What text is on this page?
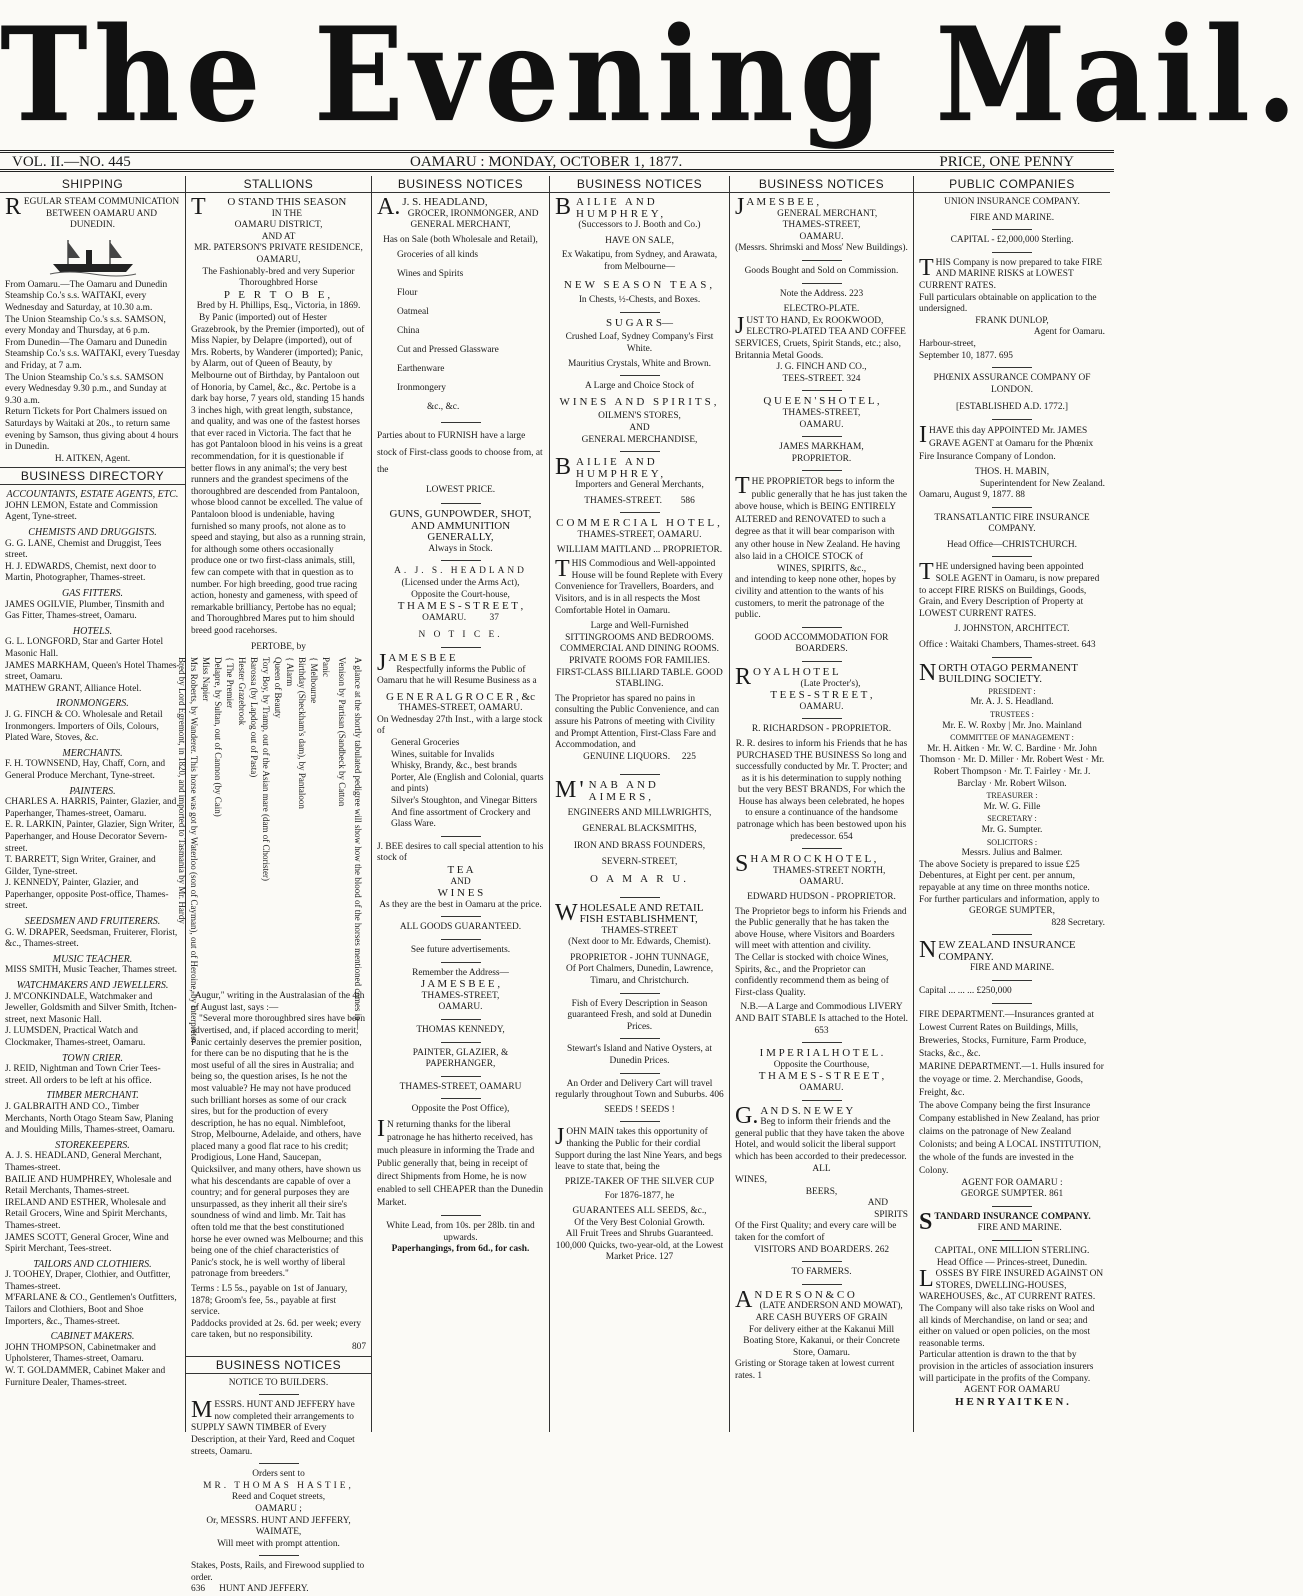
The Evening Mail.
VOL. II.—NO. 445	OAMARU : MONDAY, OCTOBER 1, 1877.	PRICE, ONE PENNY
SHIPPING

REGULAR STEAM COMMUNICATION BETWEEN OAMARU AND DUNEDIN.

From Oamaru.—The Oamaru and Dunedin Steamship Co.'s s.s. WAITAKI, every Wednesday and Saturday, at 10.30 a.m.

The Union Steamship Co.'s s.s. SAMSON, every Monday and Thursday, at 6 p.m.

From Dunedin—The Oamaru and Dunedin Steamship Co.'s s.s. WAITAKI, every Tuesday and Friday, at 7 a.m.

The Union Steamship Co.'s s.s. SAMSON every Wednesday 9.30 p.m., and Sunday at 9.30 a.m.

Return Tickets for Port Chalmers issued on Saturdays by Waitaki at 20s., to return same evening by Samson, thus giving about 4 hours in Dunedin.

H. AITKEN, Agent.

BUSINESS DIRECTORY

ACCOUNTANTS, ESTATE AGENTS, ETC.

JOHN LEMON, Estate and Commission Agent, Tyne-street.

CHEMISTS AND DRUGGISTS.

G. G. LANE, Chemist and Druggist, Tees street.

H. J. EDWARDS, Chemist, next door to Martin, Photographer, Thames-street.

GAS FITTERS.

JAMES OGILVIE, Plumber, Tinsmith and Gas Fitter, Thames-street, Oamaru.

HOTELS.

G. L. LONGFORD, Star and Garter Hotel Masonic Hall.

JAMES MARKHAM, Queen's Hotel Thames-street, Oamaru.

MATHEW GRANT, Alliance Hotel.

IRONMONGERS.

J. G. FINCH & CO. Wholesale and Retail Ironmongers. Importers of Oils, Colours, Plated Ware, Stoves, &c.

MERCHANTS.

F. H. TOWNSEND, Hay, Chaff, Corn, and General Produce Merchant, Tyne-street.

PAINTERS.

CHARLES A. HARRIS, Painter, Glazier, and Paperhanger, Thames-street, Oamaru.

E. R. LARKIN, Painter, Glazier, Sign Writer, Paperhanger, and House Decorator Severn-street.

T. BARRETT, Sign Writer, Grainer, and Gilder, Tyne-street.

J. KENNEDY, Painter, Glazier, and Paperhanger, opposite Post-office, Thames-street.

SEEDSMEN AND FRUITERERS.

G. W. DRAPER, Seedsman, Fruiterer, Florist, &c., Thames-street.

MUSIC TEACHER.

MISS SMITH, Music Teacher, Thames street.

WATCHMAKERS AND JEWELLERS.

J. M'CONKINDALE, Watchmaker and Jeweller, Goldsmith and Silver Smith, Itchen-street, next Masonic Hall.

J. LUMSDEN, Practical Watch and Clockmaker, Thames-street, Oamaru.

TOWN CRIER.

J. REID, Nightman and Town Crier Tees-street. All orders to be left at his office.

TIMBER MERCHANT.

J. GALBRAITH AND CO., Timber Merchants, North Otago Steam Saw, Planing and Moulding Mills, Thames-street, Oamaru.

STOREKEEPERS.

A. J. S. HEADLAND, General Merchant, Thames-street.

BAILIE AND HUMPHREY, Wholesale and Retail Merchants, Thames-street.

IRELAND AND ESTHER, Wholesale and Retail Grocers, Wine and Spirit Merchants, Thames-street.

JAMES SCOTT, General Grocer, Wine and Spirit Merchant, Tees-street.

TAILORS AND CLOTHIERS.

J. TOOHEY, Draper, Clothier, and Outfitter, Thames-street.

M'FARLANE & CO., Gentlemen's Outfitters, Tailors and Clothiers, Boot and Shoe Importers, &c., Thames-street.

CABINET MAKERS.

JOHN THOMPSON, Cabinetmaker and Upholsterer, Thames-street, Oamaru.

W. T. GOLDAMMER, Cabinet Maker and Furniture Dealer, Thames-street.

STALLIONS

TO STAND THIS SEASON

IN THE

OAMARU DISTRICT,

AND AT

MR. PATERSON'S PRIVATE RESIDENCE, OAMARU,

The Fashionably-bred and very Superior Thoroughbred Horse

P E R T O B E,

Bred by H. Phillips, Esq., Victoria, in 1869.

By Panic (imported) out of Hester Grazebrook, by the Premier (imported), out of Miss Napier, by Delapre (imported), out of Mrs. Roberts, by Wanderer (imported); Panic, by Alarm, out of Queen of Beauty, by Melbourne out of Birthday, by Pantaloon out of Honoria, by Camel, &c., &c. Pertobe is a dark bay horse, 7 years old, standing 15 hands 3 inches high, with great length, substance, and quality, and was one of the fastest horses that ever raced in Victoria. The fact that he has got Pantaloon blood in his veins is a great recommendation, for it is questionable if better flows in any animal's; the very best runners and the grandest specimens of the thoroughbred are descended from Pantaloon, whose blood cannot be excelled. The value of Pantaloon blood is undeniable, having furnished so many proofs, not alone as to speed and staying, but also as a running strain, for although some others occasionally produce one or two first-class animals, still, few can compete with that in question as to number. For high breeding, good true racing action, honesty and gameness, with speed of remarkable brilliancy, Pertobe has no equal; and Thoroughbred Mares put to him should breed good racehorses.

PERTOBE, by

A glance at the shortly tabulated pedigree will show how the blood of the horses mentioned comes in—
Venison by Partisan (Sandbeck by Catton
Panic
{ Melbourne
Birthday (Sheckham's dam), by Pantaloon
{ Alarm
Queen of Beauty
Tory Boy, by Tramp, out of the Asian mare (dam of Chorister)
Barossa (by Lapdog out of Pasta)
Hester Grazebrook
{ The Premier
Delapre, by Sultan, out of Cannon (by Cain)
Miss Napier
Mrs Roberts, by Wanderer. This horse was got by Waterloo (son of Cayman), out of Heroine, by Interpreter
Bred by Lord Egremont, in 1820, and imported to Tasmania by Mr. Hardy

"Augur," writing in the Australasian of the 4th of August last, says :—

"Several more thoroughbred sires have been advertised, and, if placed according to merit, Panic certainly deserves the premier position, for there can be no disputing that he is the most useful of all the sires in Australia; and being so, the question arises, Is he not the most valuable? He may not have produced such brilliant horses as some of our crack sires, but for the production of every description, he has no equal. Nimblefoot, Strop, Melbourne, Adelaide, and others, have placed many a good flat race to his credit; Prodigious, Lone Hand, Saucepan, Quicksilver, and many others, have shown us what his descendants are capable of over a country; and for general purposes they are unsurpassed, as they inherit all their sire's soundness of wind and limb. Mr. Tait has often told me that the best constitutioned horse he ever owned was Melbourne; and this being one of the chief characteristics of Panic's stock, he is well worthy of liberal patronage from breeders."

Terms : L5 5s., payable on 1st of January, 1878; Groom's fee, 5s., payable at first service.

Paddocks provided at 2s. 6d. per week; every care taken, but no responsibility.

807

BUSINESS NOTICES

NOTICE TO BUILDERS.

MESSRS. HUNT AND JEFFERY have now completed their arrangements to SUPPLY SAWN TIMBER of Every Description, at their Yard, Reed and Coquet streets, Oamaru.

Orders sent to

MR. THOMAS HASTIE,

Reed and Coquet streets,

OAMARU ;

Or, MESSRS. HUNT AND JEFFERY, WAIMATE,

Will meet with prompt attention.

Stakes, Posts, Rails, and Firewood supplied to order.

636 HUNT AND JEFFERY.

BUSINESS NOTICES

A.J. S. HEADLAND,

GROCER, IRONMONGER, AND

GENERAL MERCHANT,

Has on Sale (both Wholesale and Retail),

Groceries of all kinds

Wines and Spirits

Flour

Oatmeal

China

Cut and Pressed Glassware

Earthenware

Ironmongery

&c., &c.

Parties about to FURNISH have a large stock of First-class goods to choose from, at the

LOWEST PRICE.

GUNS, GUNPOWDER, SHOT, AND AMMUNITION GENERALLY,

Always in Stock.

A. J. S. HEADLAND

(Licensed under the Arms Act),

Opposite the Court-house,

T H A M E S - S T R E E T ,

OAMARU. 37

N O T I C E.

JA M E S B E E

Respectfully informs the Public of Oamaru that he will Resume Business as a

G E N E R A L G R O C E R , &c

THAMES-STREET, OAMARU.

On Wednesday 27th Inst., with a large stock of

General Groceries

Wines, suitable for Invalids

Whisky, Brandy, &c., best brands

Porter, Ale (English and Colonial, quarts and pints)

Silver's Stoughton, and Vinegar Bitters

And fine assortment of Crockery and Glass Ware.

J. BEE desires to call special attention to his stock of

T E A

AND

W I N E S

As they are the best in Oamaru at the price.

ALL GOODS GUARANTEED.

See future advertisements.

Remember the Address—

J A M E S B E E ,

THAMES-STREET,

OAMARU.

THOMAS KENNEDY,

PAINTER, GLAZIER, & PAPERHANGER,

THAMES-STREET, OAMARU

Opposite the Post Office),

IN returning thanks for the liberal patronage he has hitherto received, has much pleasure in informing the Trade and Public generally that, being in receipt of direct Shipments from Home, he is now enabled to sell CHEAPER than the Dunedin Market.

White Lead, from 10s. per 28lb. tin and upwards.

Paperhangings, from 6d., for cash.

BUSINESS NOTICES

BAILIE AND HUMPHREY,

(Successors to J. Booth and Co.)

HAVE ON SALE,

Ex Wakatipu, from Sydney, and Arawata, from Melbourne—

NEW SEASON TEAS,

In Chests, ½-Chests, and Boxes.

S U G A R S—

Crushed Loaf, Sydney Company's First White.

Mauritius Crystals, White and Brown.

A Large and Choice Stock of

WINES AND SPIRITS,

OILMEN'S STORES,

AND

GENERAL MERCHANDISE,

BAILIE AND HUMPHREY,

Importers and General Merchants,

THAMES-STREET. 586

COMMERCIAL HOTEL,

THAMES-STREET, OAMARU.

WILLIAM MAITLAND ... PROPRIETOR.

THIS Commodious and Well-appointed House will be found Replete with Every Convenience for Travellers, Boarders, and Visitors, and is in all respects the Most Comfortable Hotel in Oamaru.

Large and Well-Furnished SITTINGROOMS AND BEDROOMS. COMMERCIAL AND DINING ROOMS. PRIVATE ROOMS FOR FAMILIES. FIRST-CLASS BILLIARD TABLE. GOOD STABLING.

The Proprietor has spared no pains in consulting the Public Convenience, and can assure his Patrons of meeting with Civility and Prompt Attention, First-Class Fare and Accommodation, and

GENUINE LIQUORS. 225

M'NAB AND AIMERS,

ENGINEERS AND MILLWRIGHTS,

GENERAL BLACKSMITHS,

IRON AND BRASS FOUNDERS,

SEVERN-STREET,

O A M A R U.

WHOLESALE AND RETAIL FISH ESTABLISHMENT,

THAMES-STREET

(Next door to Mr. Edwards, Chemist).

PROPRIETOR - JOHN TUNNAGE,

Of Port Chalmers, Dunedin, Lawrence, Timaru, and Christchurch.

Fish of Every Description in Season guaranteed Fresh, and sold at Dunedin Prices.

Stewart's Island and Native Oysters, at Dunedin Prices.

An Order and Delivery Cart will travel regularly throughout Town and Suburbs. 406

SEEDS ! SEEDS !

JOHN MAIN takes this opportunity of thanking the Public for their cordial Support during the last Nine Years, and begs leave to state that, being the

PRIZE-TAKER OF THE SILVER CUP

For 1876-1877, he

GUARANTEES ALL SEEDS, &c.,

Of the Very Best Colonial Growth.

All Fruit Trees and Shrubs Guaranteed.

100,000 Quicks, two-year-old, at the Lowest Market Price. 127

BUSINESS NOTICES

JA M E S B E E ,

GENERAL MERCHANT,

THAMES-STREET,

OAMARU.

(Messrs. Shrimski and Moss' New Buildings).

Goods Bought and Sold on Commission.

Note the Address. 223

ELECTRO-PLATE.

JUST TO HAND, Ex ROOKWOOD, ELECTRO-PLATED TEA AND COFFEE SERVICES, Cruets, Spirit Stands, etc.; also, Britannia Metal Goods.

J. G. FINCH AND CO.,

TEES-STREET. 324

Q U E E N ' S H O T E L ,

THAMES-STREET,

OAMARU.

JAMES MARKHAM,

PROPRIETOR.

THE PROPRIETOR begs to inform the public generally that he has just taken the above house, which is BEING ENTIRELY ALTERED and RENOVATED to such a degree as that it will bear comparison with any other house in New Zealand. He having also laid in a CHOICE STOCK of

WINES, SPIRITS, &c.,

and intending to keep none other, hopes by civility and attention to the wants of his customers, to merit the patronage of the public.

GOOD ACCOMMODATION FOR BOARDERS.

RO Y A L H O T E L

(Late Procter's),

T E E S - S T R E E T ,

OAMARU.

R. RICHARDSON - PROPRIETOR.

R. R. desires to inform his Friends that he has PURCHASED THE BUSINESS So long and successfully conducted by Mr. T. Procter; and as it is his determination to supply nothing but the very BEST BRANDS, For which the House has always been celebrated, he hopes to ensure a continuance of the handsome patronage which has been bestowed upon his predecessor. 654

SH A M R O C K H O T E L ,

THAMES-STREET NORTH,

OAMARU.

EDWARD HUDSON - PROPRIETOR.

The Proprietor begs to inform his Friends and the Public generally that he has taken the above House, where Visitors and Boarders will meet with attention and civility.

The Cellar is stocked with choice Wines, Spirits, &c., and the Proprietor can confidently recommend them as being of First-class Quality.

N.B.—A Large and Commodious LIVERY AND BAIT STABLE Is attached to the Hotel. 653

I M P E R I A L H O T E L .

Opposite the Courthouse,

T H A M E S - S T R E E T ,

OAMARU.

G.A N D S. N E W E Y

Beg to inform their friends and the general public that they have taken the above Hotel, and would solicit the liberal support which has been accorded to their predecessor.

ALL

WINES,

BEERS,

AND

SPIRITS

Of the First Quality; and every care will be taken for the comfort of

VISITORS AND BOARDERS. 262

TO FARMERS.

AN D E R S O N & C O

(LATE ANDERSON AND MOWAT),

ARE CASH BUYERS OF GRAIN

For delivery either at the Kakanui Mill Boating Store, Kakanui, or their Concrete Store, Oamaru.

Gristing or Storage taken at lowest current rates. 1

PUBLIC COMPANIES

UNION INSURANCE COMPANY.

FIRE AND MARINE.

CAPITAL - £2,000,000 Sterling.

THIS Company is now prepared to take FIRE AND MARINE RISKS at LOWEST CURRENT RATES.

Full particulars obtainable on application to the undersigned.

FRANK DUNLOP,

Agent for Oamaru.

Harbour-street,

September 10, 1877. 695

PHŒNIX ASSURANCE COMPANY OF LONDON.

[ESTABLISHED A.D. 1772.]

IHAVE this day APPOINTED Mr. JAMES GRAVE AGENT at Oamaru for the Phœnix Fire Insurance Company of London.

THOS. H. MABIN,

Superintendent for New Zealand.

Oamaru, August 9, 1877. 88

TRANSATLANTIC FIRE INSURANCE COMPANY.

Head Office—CHRISTCHURCH.

THE undersigned having been appointed SOLE AGENT in Oamaru, is now prepared to accept FIRE RISKS on Buildings, Goods, Grain, and Every Description of Property at LOWEST CURRENT RATES.

J. JOHNSTON, ARCHITECT.

Office : Waitaki Chambers, Thames-street. 643

NORTH OTAGO PERMANENT BUILDING SOCIETY.

PRESIDENT :

Mr. A. J. S. Headland.

TRUSTEES :

Mr. E. W. Roxby | Mr. Jno. Mainland

COMMITTEE OF MANAGEMENT :

Mr. H. Aitken · Mr. W. C. Bardine · Mr. John Thomson · Mr. D. Miller · Mr. Robert West · Mr. Robert Thompson · Mr. T. Fairley · Mr. J. Barclay · Mr. Robert Wilson.

TREASURER :

Mr. W. G. Fille

SECRETARY :

Mr. G. Sumpter.

SOLICITORS :

Messrs. Julius and Balmer.

The above Society is prepared to issue £25 Debentures, at Eight per cent. per annum, repayable at any time on three months notice. For further particulars and information, apply to

GEORGE SUMPTER,

828 Secretary.

NEW ZEALAND INSURANCE COMPANY.

FIRE AND MARINE.

Capital ... ... ... £250,000

FIRE DEPARTMENT.—Insurances granted at Lowest Current Rates on Buildings, Mills, Breweries, Stocks, Furniture, Farm Produce, Stacks, &c., &c.

MARINE DEPARTMENT.—1. Hulls insured for the voyage or time. 2. Merchandise, Goods, Freight, &c.

The above Company being the first Insurance Company established in New Zealand, has prior claims on the patronage of New Zealand Colonists; and being A LOCAL INSTITUTION, the whole of the funds are invested in the Colony.

AGENT FOR OAMARU :

GEORGE SUMPTER. 861

STANDARD INSURANCE COMPANY.

FIRE AND MARINE.

CAPITAL, ONE MILLION STERLING.

Head Office — Princes-street, Dunedin.

LOSSES BY FIRE INSURED AGAINST ON STORES, DWELLING-HOUSES, WAREHOUSES, &c., AT CURRENT RATES.

The Company will also take risks on Wool and all kinds of Merchandise, on land or sea; and either on valued or open policies, on the most reasonable terms.

Particular attention is drawn to the that by provision in the articles of association insurers will participate in the profits of the Company.

AGENT FOR OAMARU

H E N R Y A I T K E N .
